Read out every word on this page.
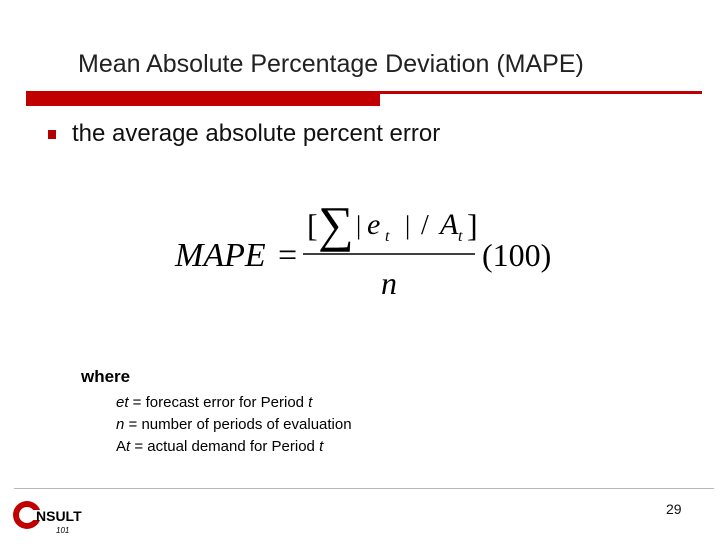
Mean Absolute Percentage Deviation (MAPE)
the average absolute percent error
MAPE =
[ ∑ | e t | / A t ]
(100)
n
where
et = forecast error for Period t
n = number of periods of evaluation
At = actual demand for Period t
NSULT
101
29
